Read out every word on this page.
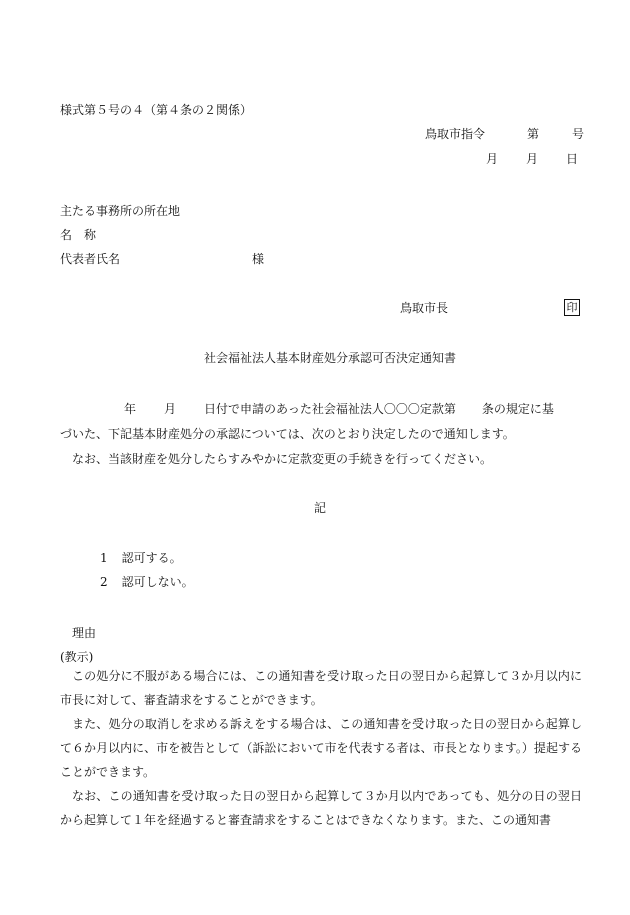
様式第５号の４（第４条の２関係）
鳥取市指令	第	号
月 月 日
主たる事務所の所在地
名　称
代表者氏名	様
鳥取市長	印
社会福祉法人基本財産処分承認可否決定通知書
年 月 日付で申請のあった社会福祉法人〇〇〇定款第 条の規定に基
づいた、下記基本財産処分の承認については、次のとおり決定したので通知します。
なお、当該財産を処分したらすみやかに定款変更の手続きを行ってください。
記
1 認可する。
2 認可しない。
理由
(教示)

この処分に不服がある場合には、この通知書を受け取った日の翌日から起算して３か月以内に市長に対して、審査請求をすることができます。

また、処分の取消しを求める訴えをする場合は、この通知書を受け取った日の翌日から起算して６か月以内に、市を被告として（訴訟において市を代表する者は、市長となります。）提起することができます。

なお、この通知書を受け取った日の翌日から起算して３か月以内であっても、処分の日の翌日から起算して１年を経過すると審査請求をすることはできなくなります。また、この通知書
